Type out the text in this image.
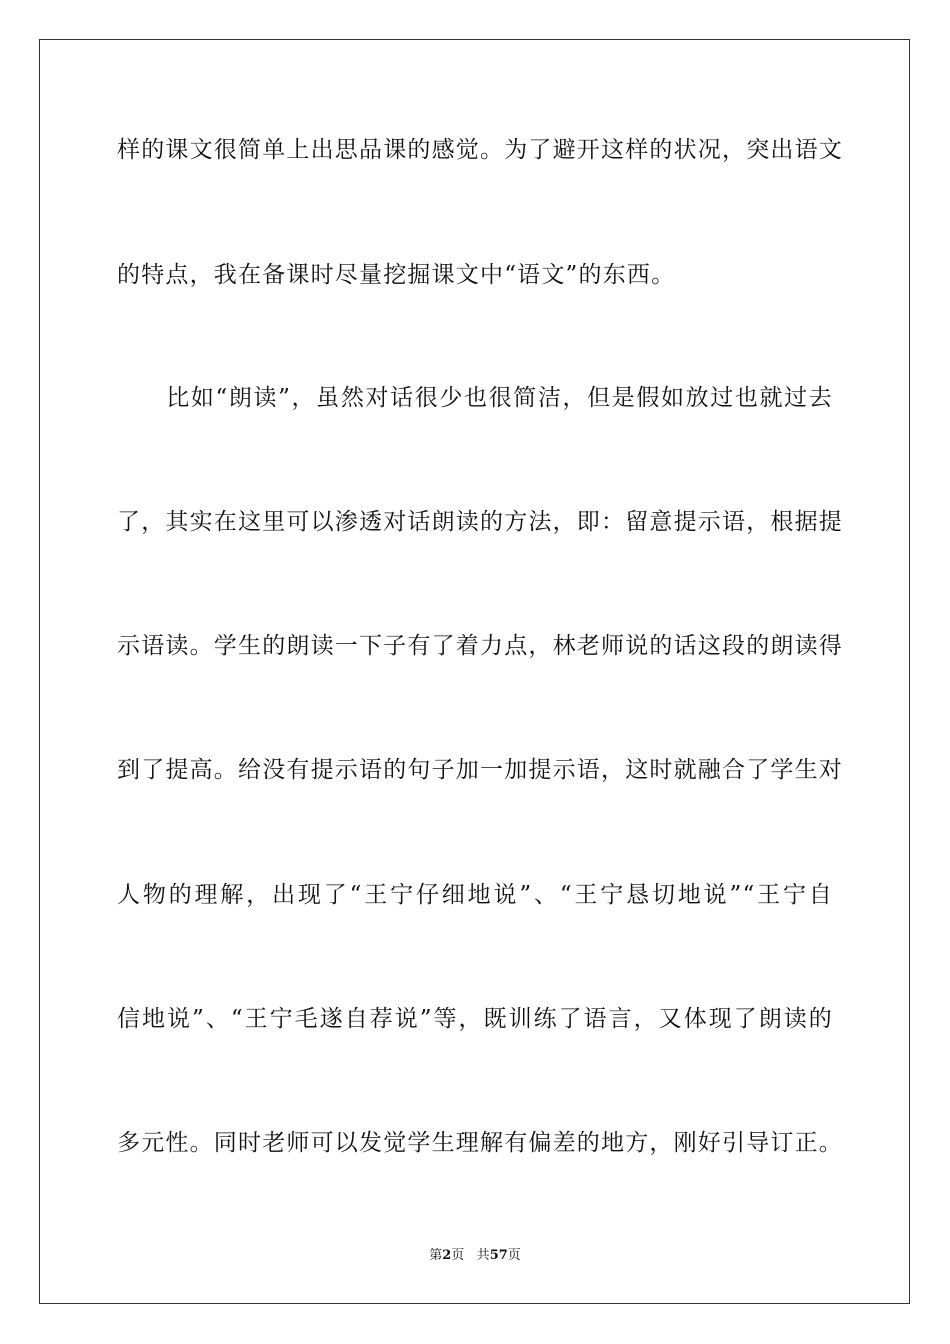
样的课文很简单上出思品课的感觉。为了避开这样的状况，突出语文
的特点，我在备课时尽量挖掘课文中“语文”的东西。
　　比如“朗读”，虽然对话很少也很简洁，但是假如放过也就过去
了，其实在这里可以渗透对话朗读的方法，即：留意提示语，根据提
示语读。学生的朗读一下子有了着力点，林老师说的话这段的朗读得
到了提高。给没有提示语的句子加一加提示语，这时就融合了学生对
人物的理解，出现了“王宁仔细地说”、“王宁恳切地说”“王宁自
信地说”、“王宁毛遂自荐说”等，既训练了语言，又体现了朗读的
多元性。同时老师可以发觉学生理解有偏差的地方，刚好引导订正。
第2页 共57页
